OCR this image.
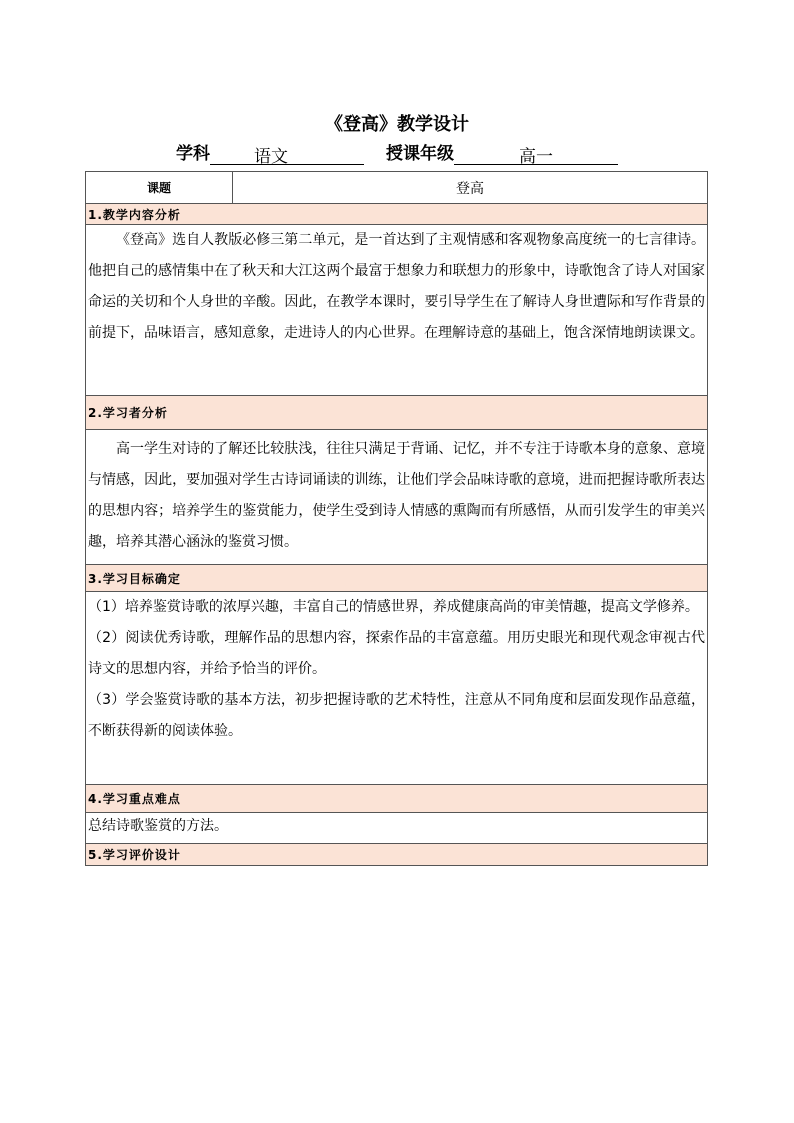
《登高》教学设计
学科	语文	授课年级	高一
课题	登高
1.教学内容分析

《登高》选自人教版必修三第二单元，是一首达到了主观情感和客观物象高度统一的七言律诗。他把自己的感情集中在了秋天和大江这两个最富于想象力和联想力的形象中，诗歌饱含了诗人对国家命运的关切和个人身世的辛酸。因此，在教学本课时，要引导学生在了解诗人身世遭际和写作背景的前提下，品味语言，感知意象，走进诗人的内心世界。在理解诗意的基础上，饱含深情地朗读课文。

2.学习者分析

高一学生对诗的了解还比较肤浅，往往只满足于背诵、记忆，并不专注于诗歌本身的意象、意境与情感，因此，要加强对学生古诗词诵读的训练，让他们学会品味诗歌的意境，进而把握诗歌所表达的思想内容；培养学生的鉴赏能力，使学生受到诗人情感的熏陶而有所感悟，从而引发学生的审美兴趣，培养其潜心涵泳的鉴赏习惯。

3.学习目标确定

（1）培养鉴赏诗歌的浓厚兴趣，丰富自己的情感世界，养成健康高尚的审美情趣，提高文学修养。

（2）阅读优秀诗歌，理解作品的思想内容，探索作品的丰富意蕴。用历史眼光和现代观念审视古代诗文的思想内容，并给予恰当的评价。

（3）学会鉴赏诗歌的基本方法，初步把握诗歌的艺术特性，注意从不同角度和层面发现作品意蕴，不断获得新的阅读体验。

4.学习重点难点

总结诗歌鉴赏的方法。

5.学习评价设计
